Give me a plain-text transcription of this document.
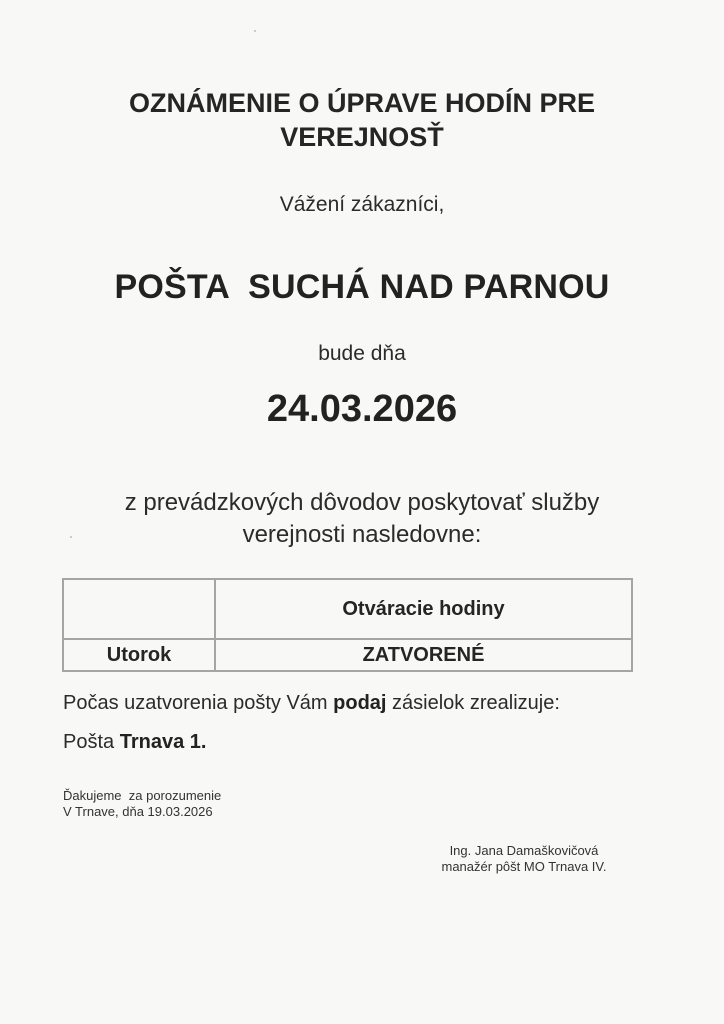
OZNÁMENIE O ÚPRAVE HODÍN PRE
VEREJNOSŤ
Vážení zákazníci,
POŠTA  SUCHÁ NAD PARNOU
bude dňa
24.03.2026
z prevádzkových dôvodov poskytovať služby
verejnosti nasledovne:
	Otváracie hodiny
Utorok	ZATVORENÉ
Počas uzatvorenia pošty Vám podaj zásielok zrealizuje:
Pošta Trnava 1.
Ďakujeme  za porozumenie
V Trnave, dňa 19.03.2026
Ing. Jana Damaškovičová
manažér pôšt MO Trnava IV.
